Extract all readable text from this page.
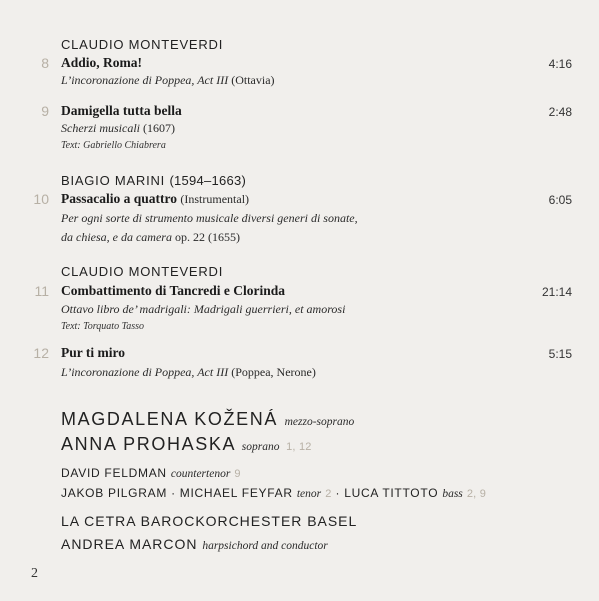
CLAUDIO MONTEVERDI
8 Addio, Roma!	4:16
L’incoronazione di Poppea, Act III (Ottavia)
9 Damigella tutta bella	2:48
Scherzi musicali (1607)
Text: Gabriello Chiabrera
BIAGIO MARINI (1594–1663)
10 Passacalio a quattro (Instrumental)	6:05
Per ogni sorte di strumento musicale diversi generi di sonate,
da chiesa, e da camera op. 22 (1655)
CLAUDIO MONTEVERDI
11 Combattimento di Tancredi e Clorinda	21:14
Ottavo libro de’ madrigali: Madrigali guerrieri, et amorosi
Text: Torquato Tasso
12 Pur ti miro	5:15
L’incoronazione di Poppea, Act III (Poppea, Nerone)
MAGDALENA KOŽENÁ mezzo-soprano
ANNA PROHASKA soprano 1, 12
DAVID FELDMAN countertenor 9
JAKOB PILGRAM · MICHAEL FEYFAR tenor 2 · LUCA TITTOTO bass 2, 9
LA CETRA BAROCKORCHESTER BASEL
ANDREA MARCON harpsichord and conductor
2
